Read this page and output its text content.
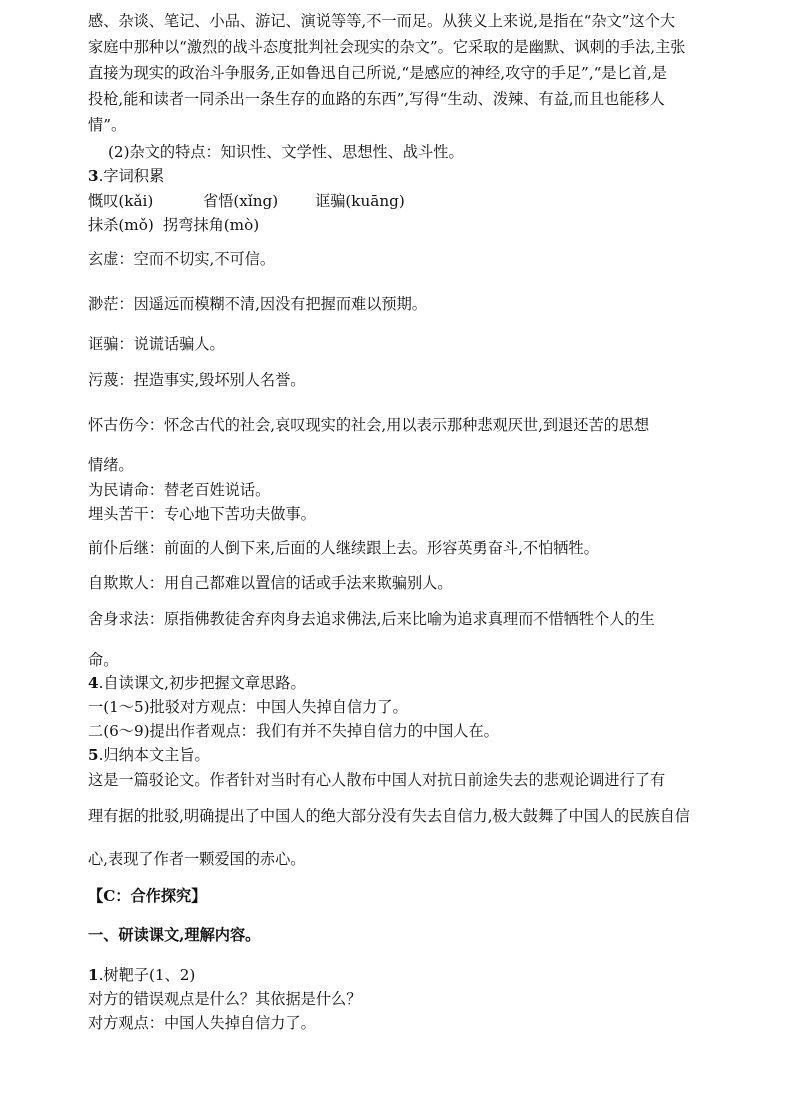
感、杂谈、笔记、小品、游记、演说等等,不一而足。从狭义上来说,是指在“杂文”这个大
家庭中那种以“激烈的战斗态度批判社会现实的杂文”。它采取的是幽默、讽刺的手法,主张
直接为现实的政治斗争服务,正如鲁迅自己所说,“是感应的神经,攻守的手足”,“是匕首,是
投枪,能和读者一同杀出一条生存的血路的东西”,写得“生动、泼辣、有益,而且也能移人
情”。
(2)杂文的特点：知识性、文学性、思想性、战斗性。
3.字词积累
慨叹(kǎi)	省悟(xǐng) 诓骗(kuāng)
抹杀(mǒ) 拐弯抹角(mò)
玄虚：空而不切实,不可信。
渺茫：因遥远而模糊不清,因没有把握而难以预期。
诓骗：说谎话骗人。
污蔑：捏造事实,毁坏别人名誉。
怀古伤今：怀念古代的社会,哀叹现实的社会,用以表示那种悲观厌世,到退还苦的思想
情绪。
为民请命：替老百姓说话。
埋头苦干：专心地下苦功夫做事。
前仆后继：前面的人倒下来,后面的人继续跟上去。形容英勇奋斗,不怕牺牲。
自欺欺人：用自己都难以置信的话或手法来欺骗别人。
舍身求法：原指佛教徒舍弃肉身去追求佛法,后来比喻为追求真理而不惜牺牲个人的生
命。
4.自读课文,初步把握文章思路。
一(1～5)批驳对方观点：中国人失掉自信力了。
二(6～9)提出作者观点：我们有并不失掉自信力的中国人在。
5.归纳本文主旨。
这是一篇驳论文。作者针对当时有心人散布中国人对抗日前途失去的悲观论调进行了有
理有据的批驳,明确提出了中国人的绝大部分没有失去自信力,极大鼓舞了中国人的民族自信
心,表现了作者一颗爱国的赤心。
【C：合作探究】
一、研读课文,理解内容。
1.树靶子(1、2)
对方的错误观点是什么？其依据是什么？
对方观点：中国人失掉自信力了。
